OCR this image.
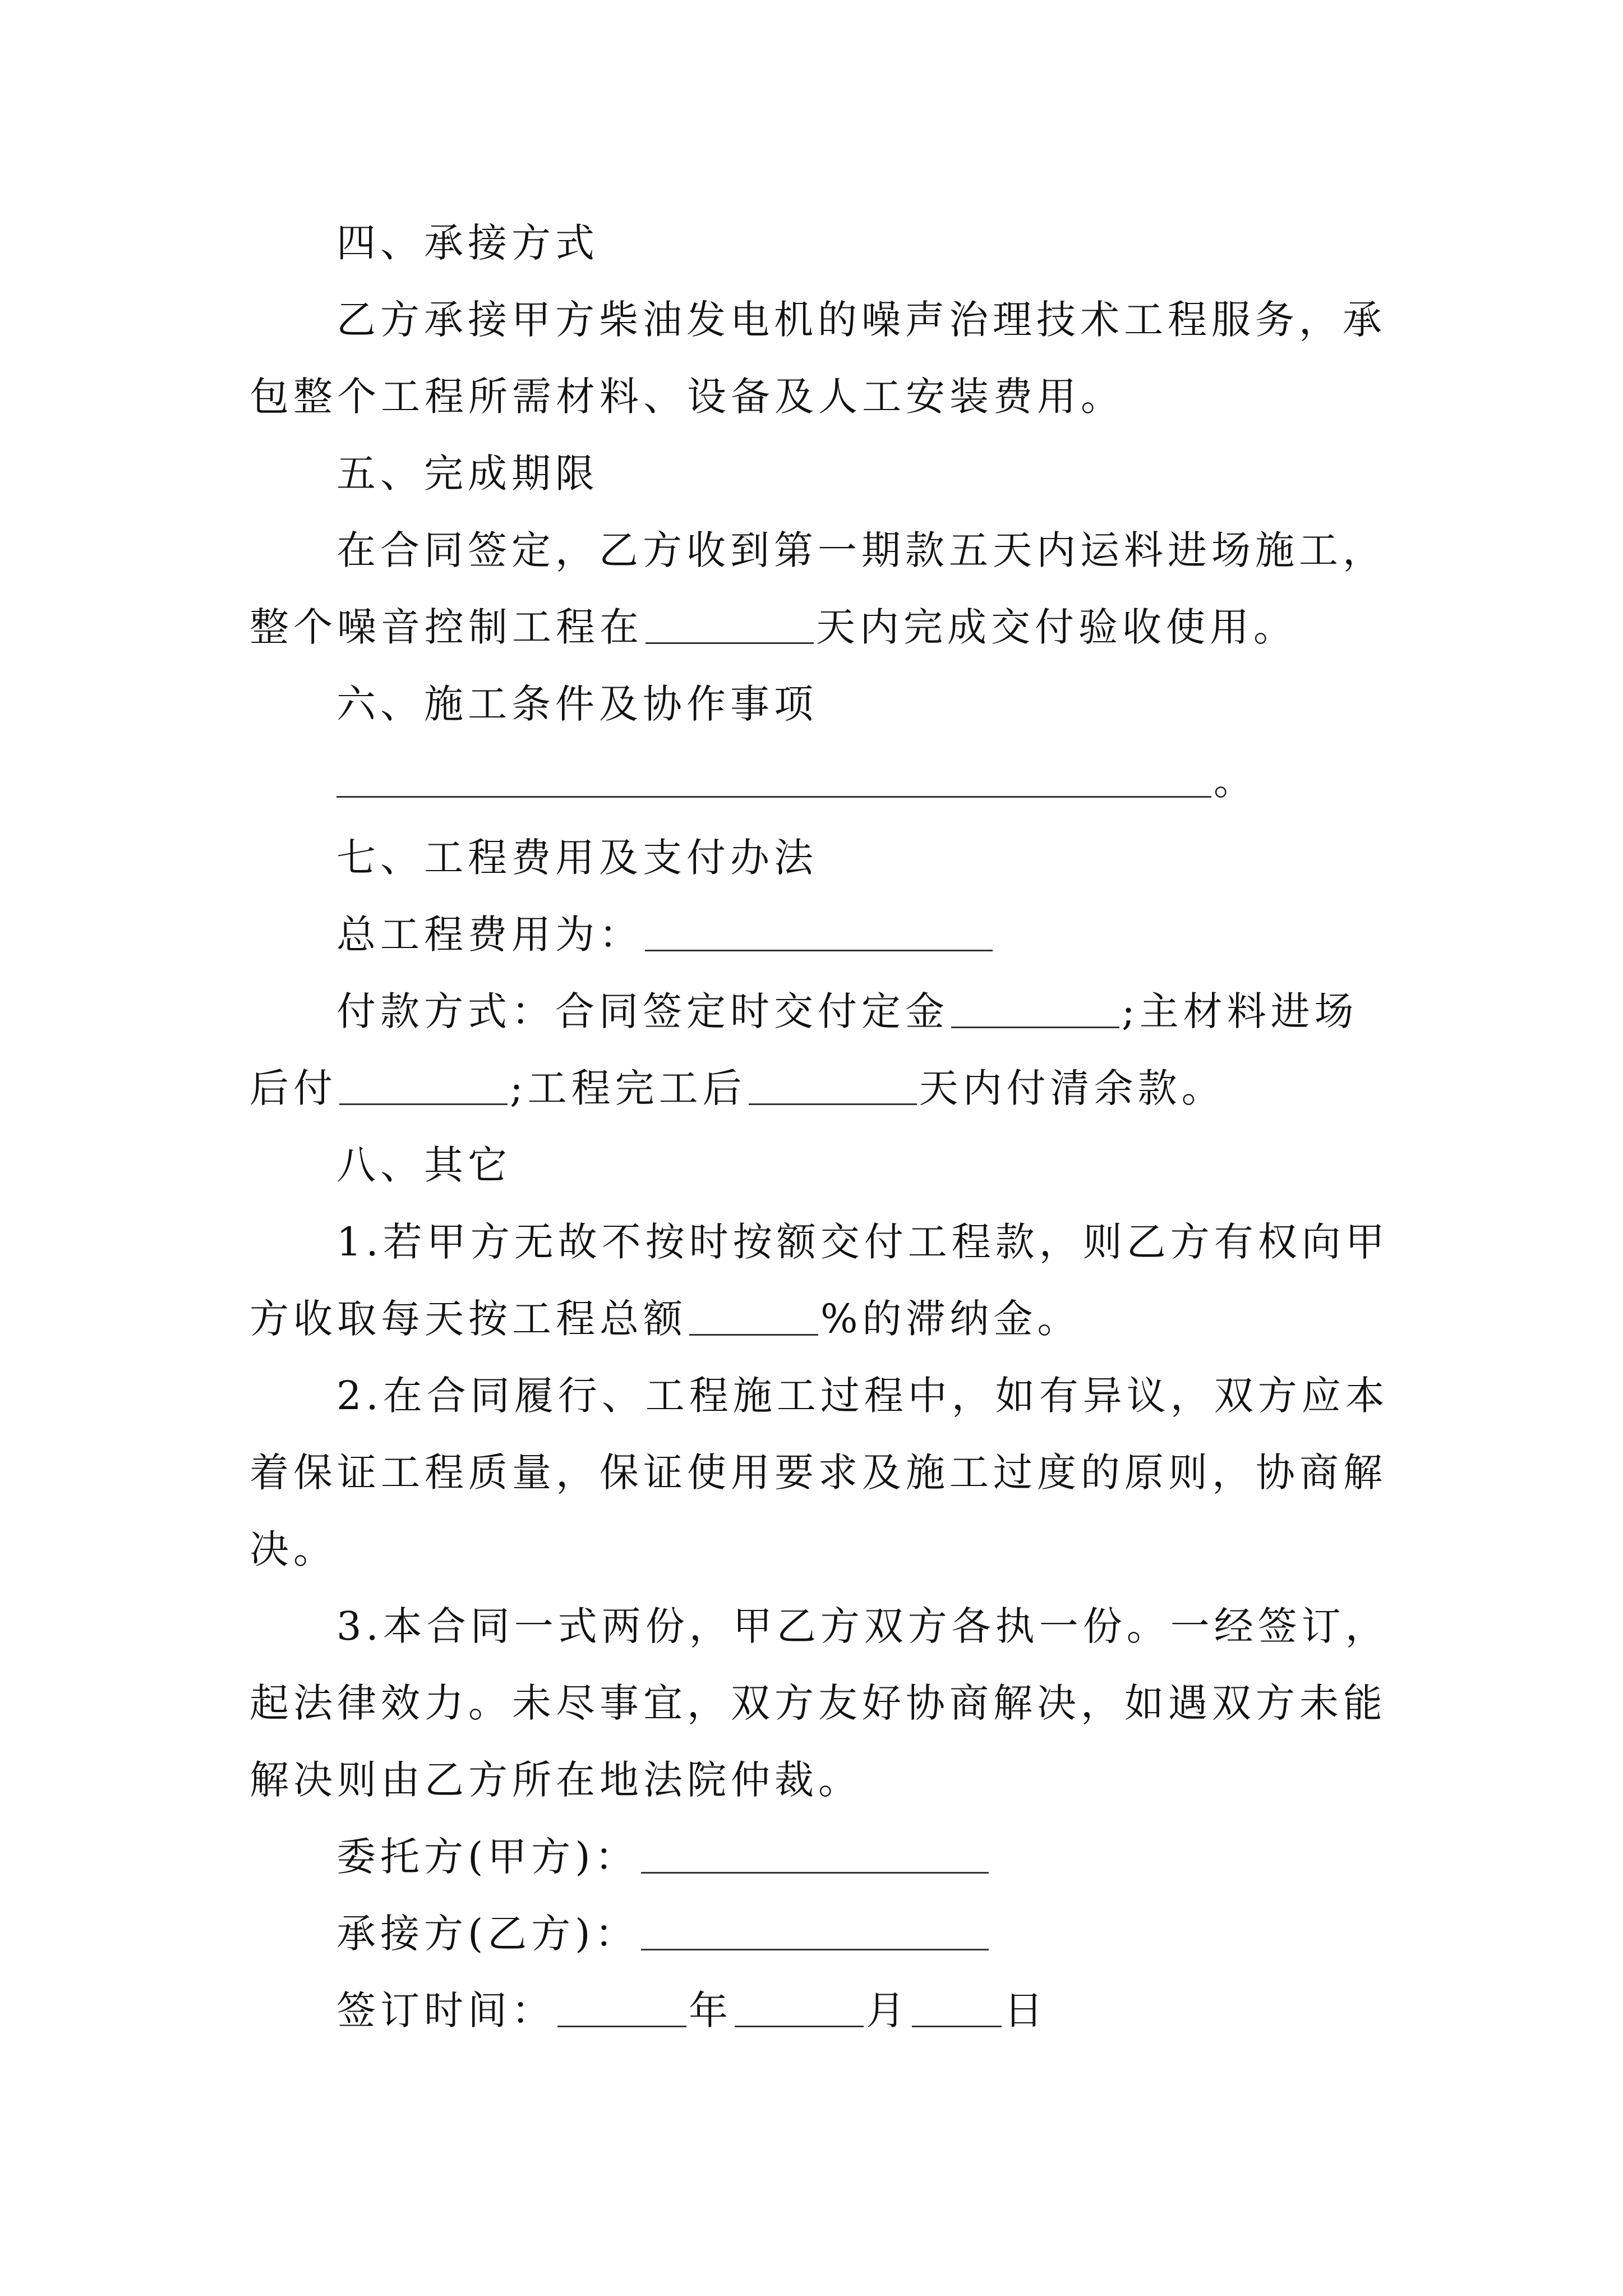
四、承接方式
乙方承接甲方柴油发电机的噪声治理技术工程服务，承
包整个工程所需材料、设备及人工安装费用。
五、完成期限
在合同签定，乙方收到第一期款五天内运料进场施工，
整个噪音控制工程在	天内完成交付验收使用。
六、施工条件及协作事项
。
七、工程费用及支付办法
总工程费用为：
付款方式：合同签定时交付定金	;主材料进场
后付	;工程完工后	天内付清余款。
八、其它
1.若甲方无故不按时按额交付工程款，则乙方有权向甲
方收取每天按工程总额	%的滞纳金。
2.在合同履行、工程施工过程中，如有异议，双方应本
着保证工程质量，保证使用要求及施工过度的原则，协商解
决。
3.本合同一式两份，甲乙方双方各执一份。一经签订，
起法律效力。未尽事宜，双方友好协商解决，如遇双方未能
解决则由乙方所在地法院仲裁。
委托方(甲方)：
承接方(乙方)：
签订时间：	年	月 日
